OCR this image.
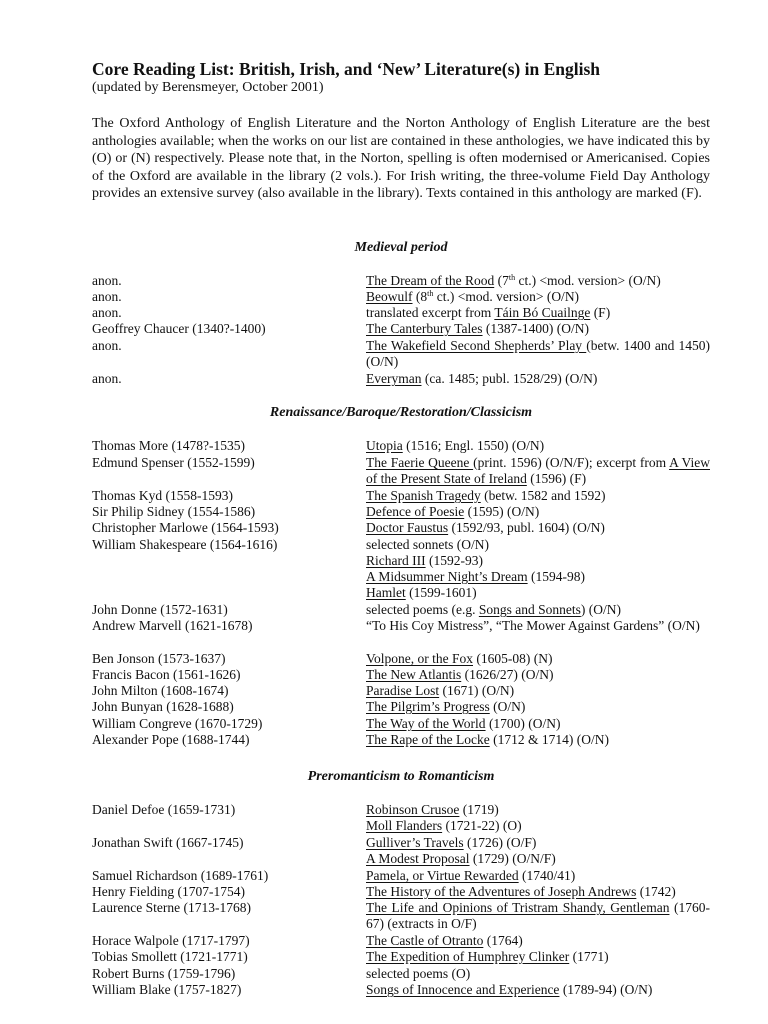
Core Reading List: British, Irish, and ‘New’ Literature(s) in English
(updated by Berensmeyer, October 2001)
The Oxford Anthology of English Literature and the Norton Anthology of English Literature are the best anthologies available; when the works on our list are contained in these anthologies, we have indicated this by (O) or (N) respectively. Please note that, in the Norton, spelling is often modernised or Americanised. Copies of the Oxford are available in the library (2 vols.). For Irish writing, the three-volume Field Day Anthology provides an extensive survey (also available in the library). Texts contained in this anthology are marked (F).
Medieval period
anon.	The Dream of the Rood (7th ct.) <mod. version> (O/N)
anon.	Beowulf (8th ct.) <mod. version> (O/N)
anon.	translated excerpt from Táin Bó Cuailnge (F)
Geoffrey Chaucer (1340?-1400)	The Canterbury Tales (1387-1400) (O/N)
anon.	The Wakefield Second Shepherds’ Play (betw. 1400 and 1450) (O/N)
anon.	Everyman (ca. 1485; publ. 1528/29) (O/N)
Renaissance/Baroque/Restoration/Classicism
Thomas More (1478?-1535)	Utopia (1516; Engl. 1550) (O/N)
Edmund Spenser (1552-1599)	The Faerie Queene (print. 1596) (O/N/F); excerpt from A View of the Present State of Ireland (1596) (F)
Thomas Kyd (1558-1593)	The Spanish Tragedy (betw. 1582 and 1592)
Sir Philip Sidney (1554-1586)	Defence of Poesie (1595) (O/N)
Christopher Marlowe (1564-1593)	Doctor Faustus (1592/93, publ. 1604) (O/N)
William Shakespeare (1564-1616)	selected sonnets (O/N)
Richard III (1592-93)
A Midsummer Night’s Dream (1594-98)
Hamlet (1599-1601)
John Donne (1572-1631)	selected poems (e.g. Songs and Sonnets) (O/N)
Andrew Marvell (1621-1678)	“To His Coy Mistress”, “The Mower Against Gardens” (O/N)
Ben Jonson (1573-1637)	Volpone, or the Fox (1605-08) (N)
Francis Bacon (1561-1626)	The New Atlantis (1626/27) (O/N)
John Milton (1608-1674)	Paradise Lost (1671) (O/N)
John Bunyan (1628-1688)	The Pilgrim’s Progress (O/N)
William Congreve (1670-1729)	The Way of the World (1700) (O/N)
Alexander Pope (1688-1744)	The Rape of the Locke (1712 & 1714) (O/N)
Preromanticism to Romanticism
Daniel Defoe (1659-1731)	Robinson Crusoe (1719)
Moll Flanders (1721-22) (O)
Jonathan Swift (1667-1745)	Gulliver’s Travels (1726) (O/F)
A Modest Proposal (1729) (O/N/F)
Samuel Richardson (1689-1761)	Pamela, or Virtue Rewarded (1740/41)
Henry Fielding (1707-1754)	The History of the Adventures of Joseph Andrews (1742)
Laurence Sterne (1713-1768)	The Life and Opinions of Tristram Shandy, Gentleman (1760-67) (extracts in O/F)
Horace Walpole (1717-1797)	The Castle of Otranto (1764)
Tobias Smollett (1721-1771)	The Expedition of Humphrey Clinker (1771)
Robert Burns (1759-1796)	selected poems (O)
William Blake (1757-1827)	Songs of Innocence and Experience (1789-94) (O/N)
